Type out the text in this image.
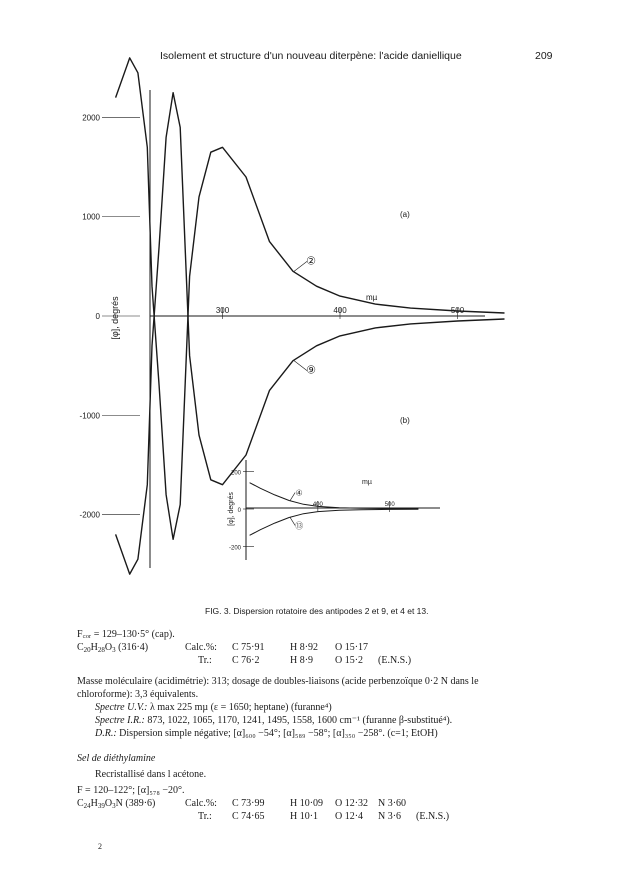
Isolement et structure d'un nouveau diterpène: l'acide daniellique	209
[φ], degrés	mµ
(a)
(b)
2000
1000
0
-1000
-2000
300	400	500
②
⑨
[φ], degrés
mµ
200
0
-200
400	500
④
⑬
FIG. 3. Dispersion rotatoire des antipodes 2 et 9, et 4 et 13.
F꜀ₒᵣ = 129–130·5° (cap).
$C_{20}H_{28}O_3$ (316·4)	Calc.%: C 75·91	H 8·92 O 15·17
Tr.: C 76·2	H 8·9 O 15·2 (E.N.S.)
Masse moléculaire (acidimétrie): 313; dosage de doubles-liaisons (acide perbenzoïque 0·2 N dans le
chloroforme): 3,3 équivalents.
Spectre U.V.: λ max 225 mµ (ε = 1650; heptane) (furanne⁴)
Spectre I.R.: 873, 1022, 1065, 1170, 1241, 1495, 1558, 1600 cm⁻¹ (furanne β-substitué⁴).
D.R.: Dispersion simple négative; [α]₆₀₀ −54°; [α]₅₈₉ −58°; [α]₃₅₀ −258°. (c=1; EtOH)
Sel de diéthylamine
Recristallisé dans l acétone.
F = 120–122°; [α]₅₇₈ −20°.
$C_{24}H_{39}O_3N$ (389·6)	Calc.%: C 73·99	H 10·09 O 12·32 N 3·60
Tr.: C 74·65	H 10·1 O 12·4 N 3·6 (E.N.S.)
2
